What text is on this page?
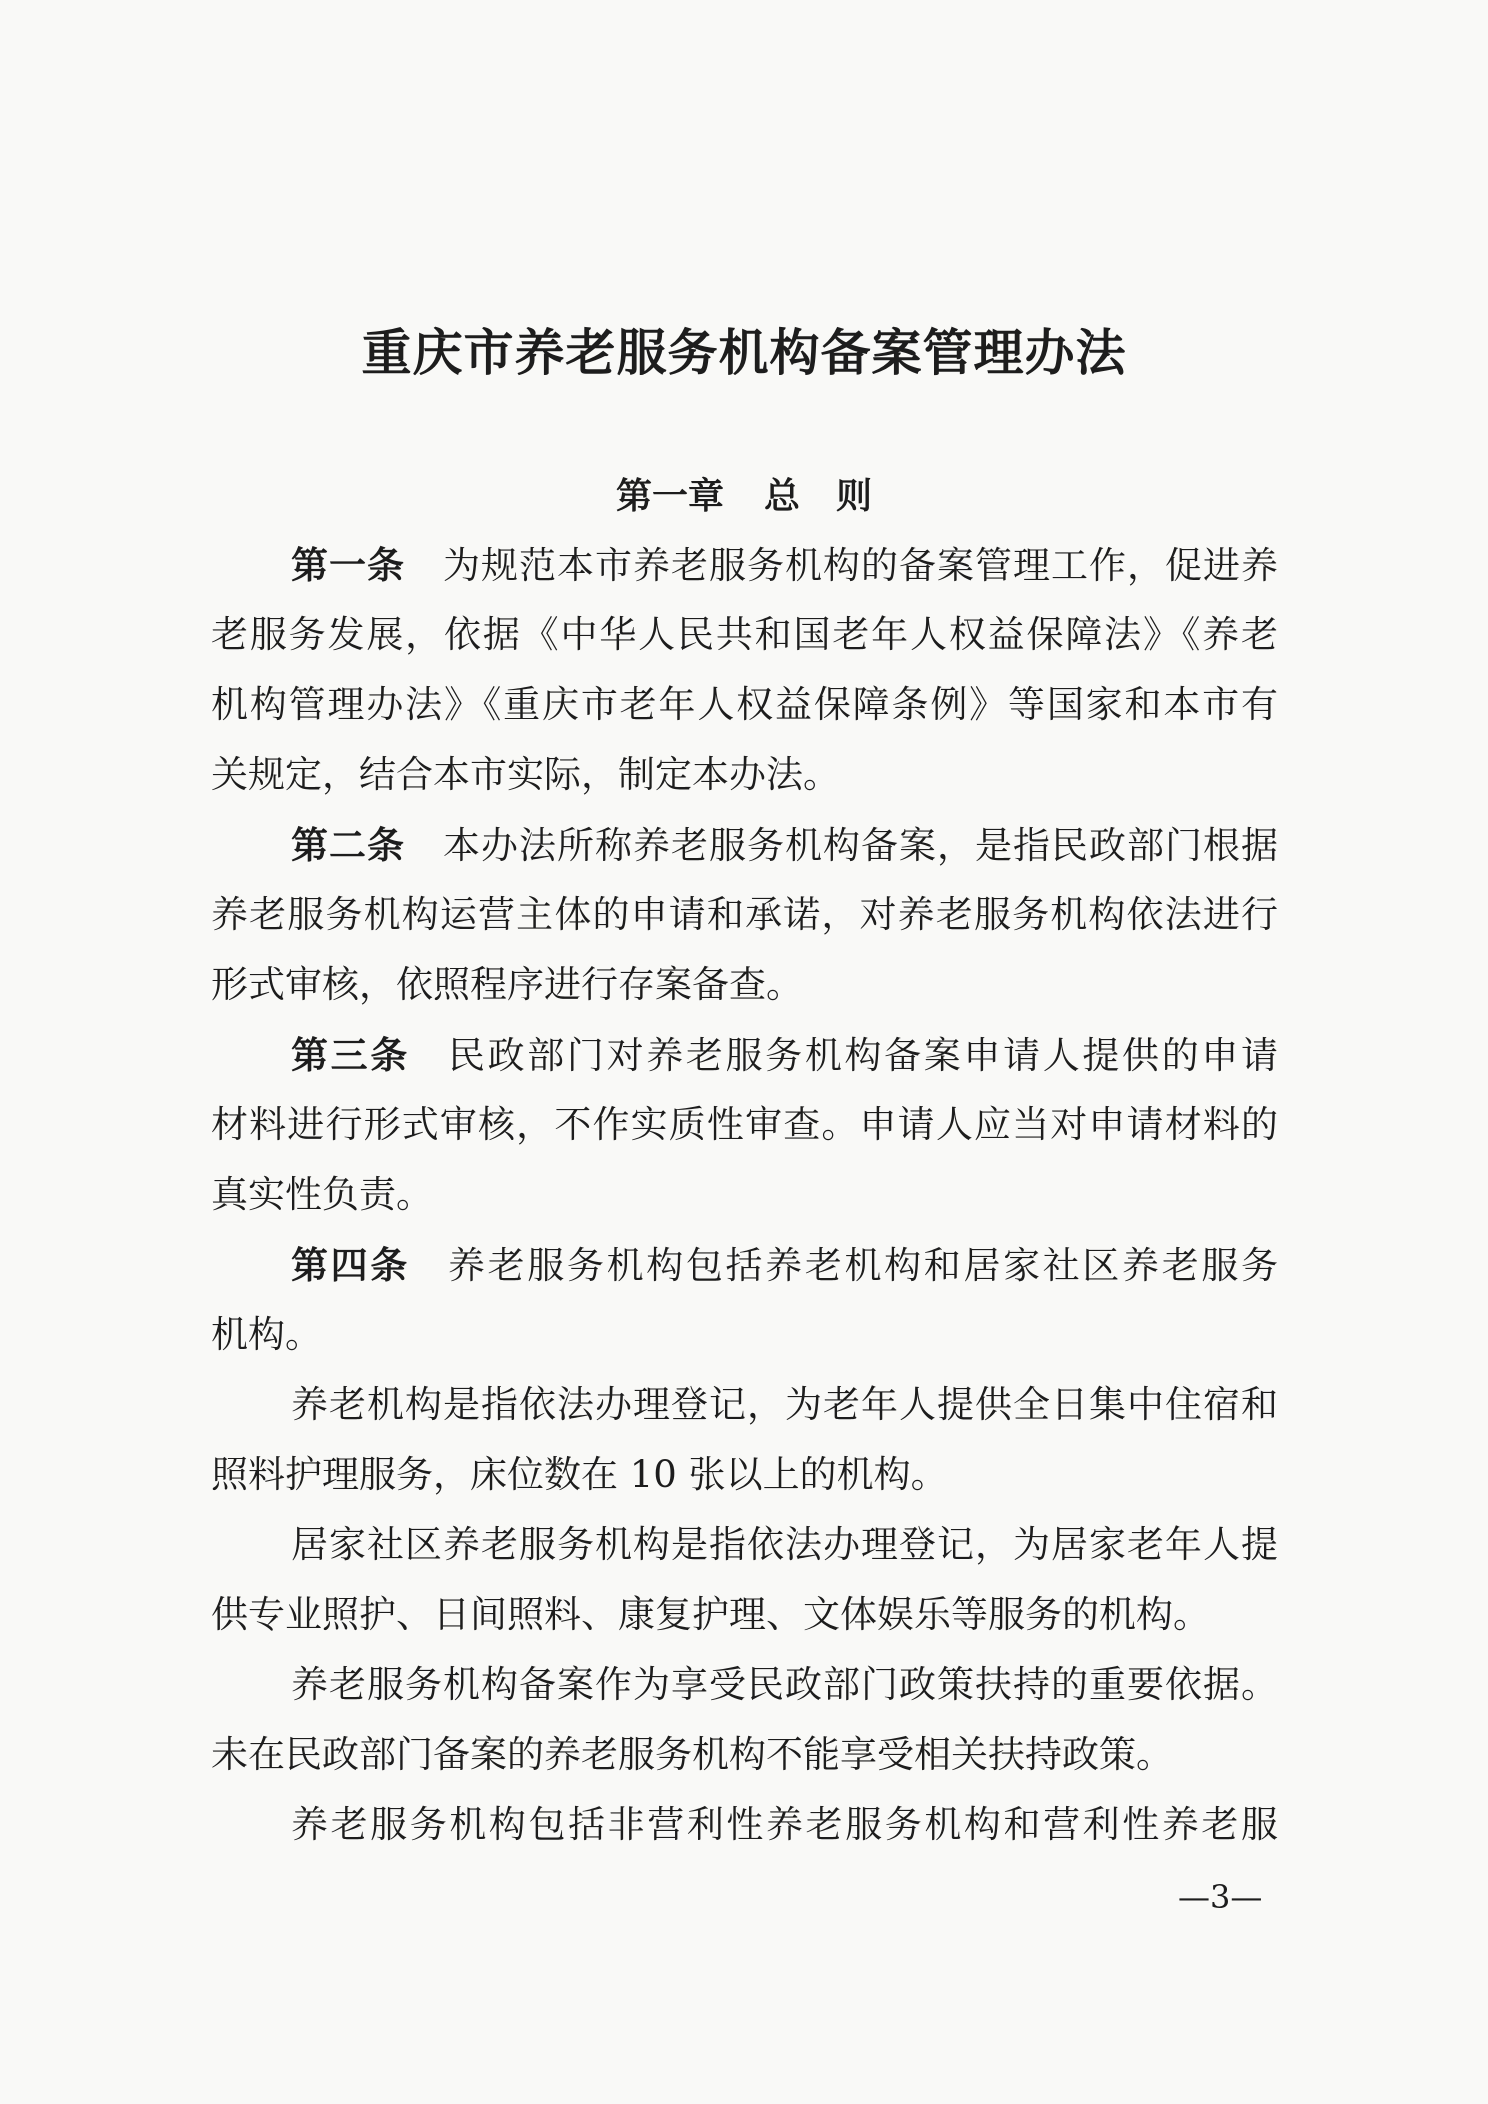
重庆市养老服务机构备案管理办法
第一章 总　则
第一条 为规范本市养老服务机构的备案管理工作，促进养
老服务发展，依据《中华人民共和国老年人权益保障法》《养老
机构管理办法》《重庆市老年人权益保障条例》等国家和本市有
关规定，结合本市实际，制定本办法。
第二条 本办法所称养老服务机构备案，是指民政部门根据
养老服务机构运营主体的申请和承诺，对养老服务机构依法进行
形式审核，依照程序进行存案备查。
第三条 民政部门对养老服务机构备案申请人提供的申请
材料进行形式审核，不作实质性审查。申请人应当对申请材料的
真实性负责。
第四条 养老服务机构包括养老机构和居家社区养老服务
机构。
养老机构是指依法办理登记，为老年人提供全日集中住宿和
照料护理服务，床位数在 10 张以上的机构。
居家社区养老服务机构是指依法办理登记，为居家老年人提
供专业照护、日间照料、康复护理、文体娱乐等服务的机构。
养老服务机构备案作为享受民政部门政策扶持的重要依据。
未在民政部门备案的养老服务机构不能享受相关扶持政策。
养老服务机构包括非营利性养老服务机构和营利性养老服
—3—
